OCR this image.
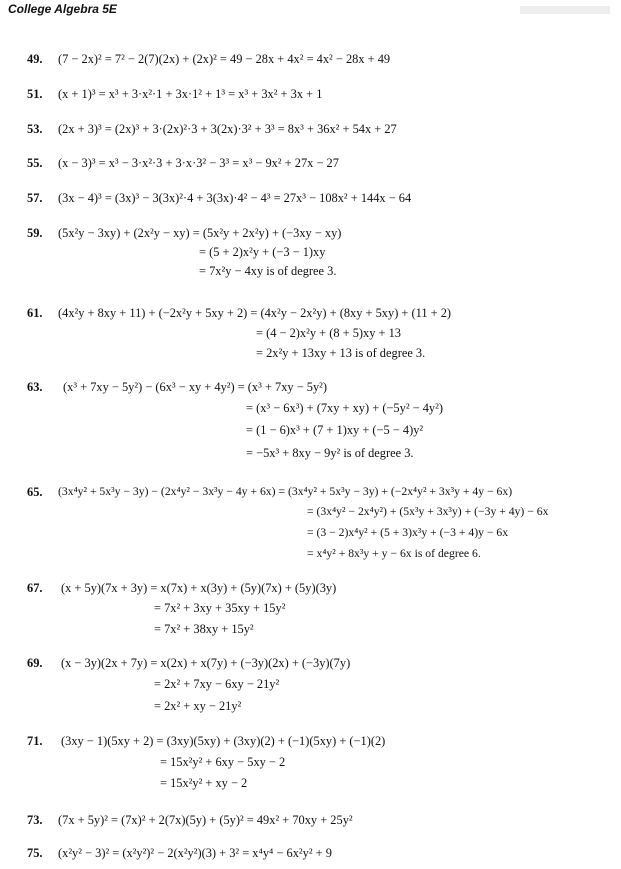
College Algebra 5E
49. (7 − 2x)² = 7² − 2(7)(2x) + (2x)² = 49 − 28x + 4x² = 4x² − 28x + 49
51. (x + 1)³ = x³ + 3·x²·1 + 3x·1² + 1³ = x³ + 3x² + 3x + 1
53. (2x + 3)³ = (2x)³ + 3·(2x)²·3 + 3(2x)·3² + 3³ = 8x³ + 36x² + 54x + 27
55. (x − 3)³ = x³ − 3·x²·3 + 3·x·3² − 3³ = x³ − 9x² + 27x − 27
57. (3x − 4)³ = (3x)³ − 3(3x)²·4 + 3(3x)·4² − 4³ = 27x³ − 108x² + 144x − 64
59. (5x²y − 3xy) + (2x²y − xy) = (5x²y + 2x²y) + (−3xy − xy)
= (5 + 2)x²y + (−3 − 1)xy
= 7x²y − 4xy is of degree 3.
61. (4x²y + 8xy + 11) + (−2x²y + 5xy + 2) = (4x²y − 2x²y) + (8xy + 5xy) + (11 + 2)
= (4 − 2)x²y + (8 + 5)xy + 13
= 2x²y + 13xy + 13 is of degree 3.
63. (x³ + 7xy − 5y²) − (6x³ − xy + 4y²) = (x³ + 7xy − 5y²)
= (x³ − 6x³) + (7xy + xy) + (−5y² − 4y²)
= (1 − 6)x³ + (7 + 1)xy + (−5 − 4)y²
= −5x³ + 8xy − 9y² is of degree 3.
65. (3x⁴y² + 5x³y − 3y) − (2x⁴y² − 3x³y − 4y + 6x) = (3x⁴y² + 5x³y − 3y) + (−2x⁴y² + 3x³y + 4y − 6x)
= (3x⁴y² − 2x⁴y²) + (5x³y + 3x³y) + (−3y + 4y) − 6x
= (3 − 2)x⁴y² + (5 + 3)x³y + (−3 + 4)y − 6x
= x⁴y² + 8x³y + y − 6x is of degree 6.
67. (x + 5y)(7x + 3y) = x(7x) + x(3y) + (5y)(7x) + (5y)(3y)
= 7x² + 3xy + 35xy + 15y²
= 7x² + 38xy + 15y²
69. (x − 3y)(2x + 7y) = x(2x) + x(7y) + (−3y)(2x) + (−3y)(7y)
= 2x² + 7xy − 6xy − 21y²
= 2x² + xy − 21y²
71. (3xy − 1)(5xy + 2) = (3xy)(5xy) + (3xy)(2) + (−1)(5xy) + (−1)(2)
= 15x²y² + 6xy − 5xy − 2
= 15x²y² + xy − 2
73. (7x + 5y)² = (7x)² + 2(7x)(5y) + (5y)² = 49x² + 70xy + 25y²
75. (x²y² − 3)² = (x²y²)² − 2(x²y²)(3) + 3² = x⁴y⁴ − 6x²y² + 9
